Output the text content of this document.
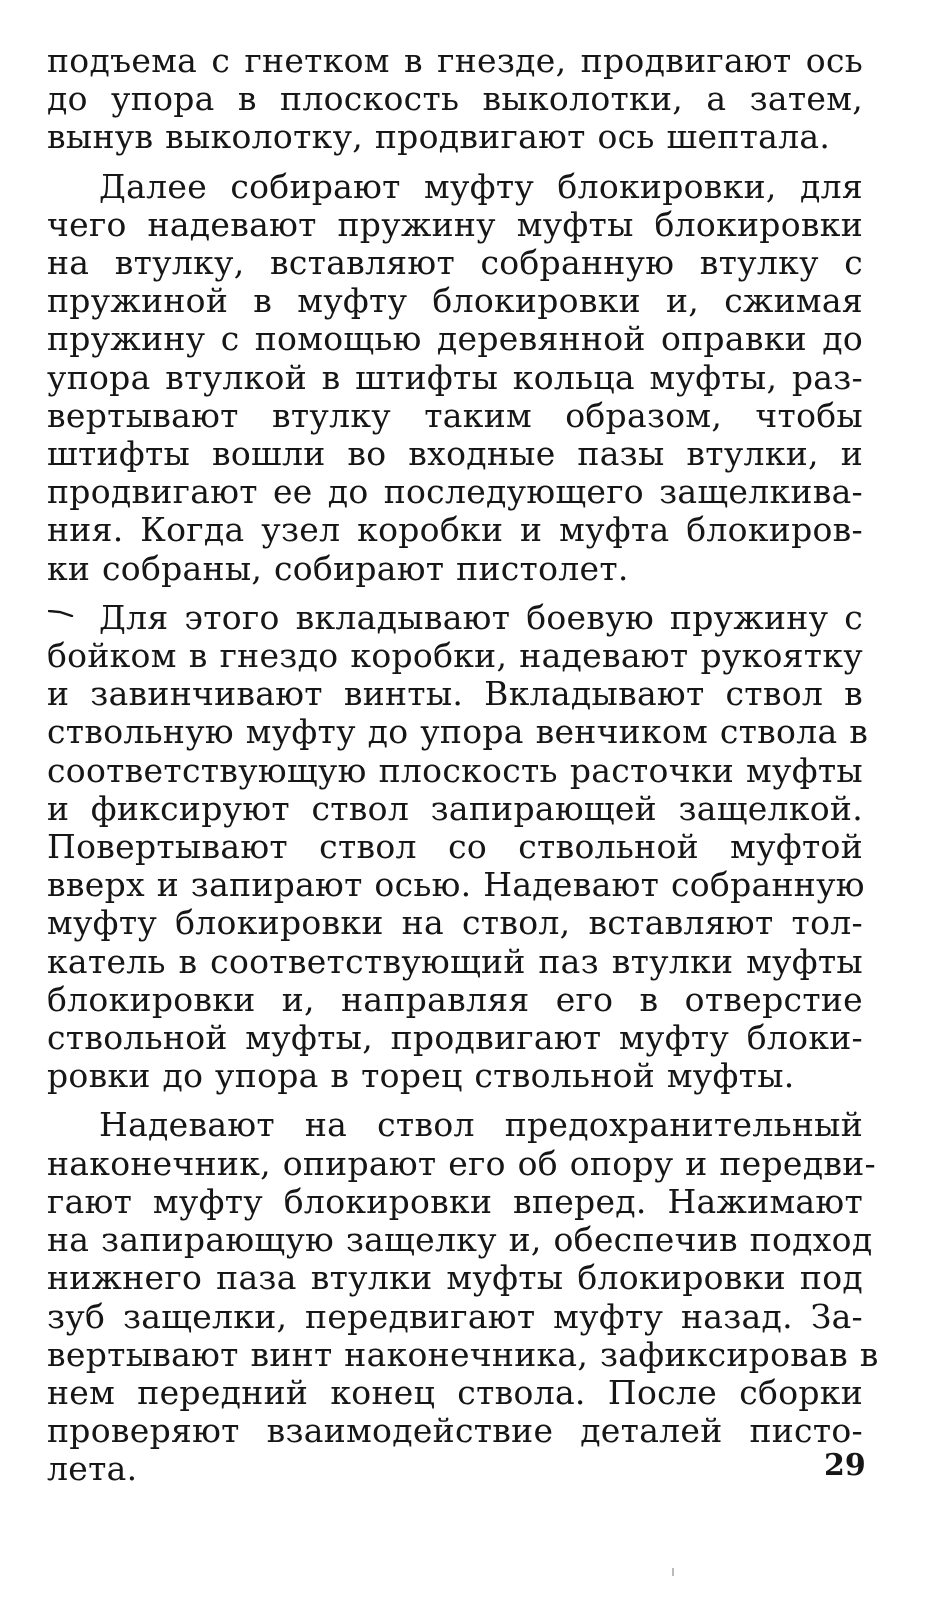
подъема с гнетком в гнезде, продвигают ось
до упора в плоскость выколотки, а затем,
вынув выколотку, продвигают ось шептала.

Далее собирают муфту блокировки, для
чего надевают пружину муфты блокировки
на втулку, вставляют собранную втулку с
пружиной в муфту блокировки и, сжимая
пружину с помощью деревянной оправки до
упора втулкой в штифты кольца муфты, раз-
вертывают втулку таким образом, чтобы
штифты вошли во входные пазы втулки, и
продвигают ее до последующего защелкива-
ния. Когда узел коробки и муфта блокиров-
ки собраны, собирают пистолет.

Для этого вкладывают боевую пружину с
бойком в гнездо коробки, надевают рукоятку
и завинчивают винты. Вкладывают ствол в
ствольную муфту до упора венчиком ствола в
соответствующую плоскость расточки муфты
и фиксируют ствол запирающей защелкой.
Повертывают ствол со ствольной муфтой
вверх и запирают осью. Надевают собранную
муфту блокировки на ствол, вставляют тол-
катель в соответствующий паз втулки муфты
блокировки и, направляя его в отверстие
ствольной муфты, продвигают муфту блоки-
ровки до упора в торец ствольной муфты.

Надевают на ствол предохранительный
наконечник, опирают его об опору и передви-
гают муфту блокировки вперед. Нажимают
на запирающую защелку и, обеспечив подход
нижнего паза втулки муфты блокировки под
зуб защелки, передвигают муфту назад. За-
вертывают винт наконечника, зафиксировав в
нем передний конец ствола. После сборки
проверяют взаимодействие деталей писто-
лета.	29
